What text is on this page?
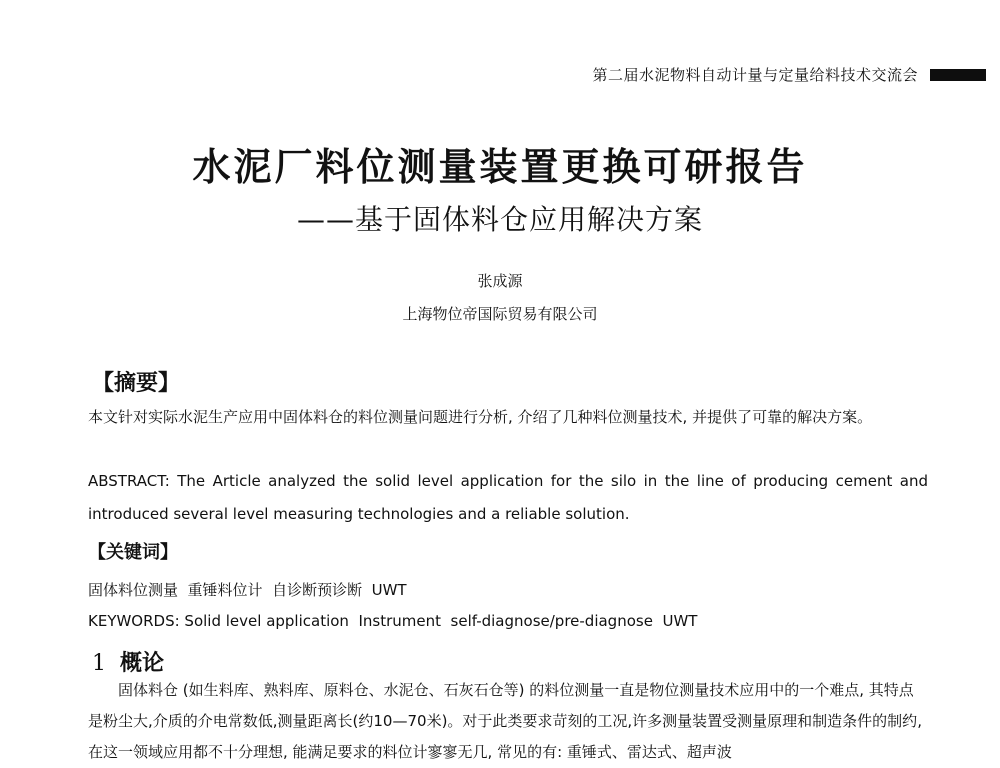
第二届水泥物料自动计量与定量给料技术交流会
水泥厂料位测量装置更换可研报告
——基于固体料仓应用解决方案
张成源
上海物位帝国际贸易有限公司
【摘要】
本文针对实际水泥生产应用中固体料仓的料位测量问题进行分析, 介绍了几种料位测量技术, 并提供了可靠的解决方案。
ABSTRACT: The Article analyzed the solid level application for the silo in the line of producing cement and introduced several level measuring technologies and a reliable solution.
【关键词】
固体料位测量  重锤料位计  自诊断预诊断  UWT
KEYWORDS: Solid level application  Instrument  self-diagnose/pre-diagnose  UWT
1 概论
固体料仓 (如生料库、熟料库、原料仓、水泥仓、石灰石仓等) 的料位测量一直是物位测量技术应用中的一个难点, 其特点是粉尘大,介质的介电常数低,测量距离长(约10—70米)。对于此类要求苛刻的工况,许多测量装置受测量原理和制造条件的制约, 在这一领域应用都不十分理想, 能满足要求的料位计寥寥无几, 常见的有: 重锤式、雷达式、超声波
